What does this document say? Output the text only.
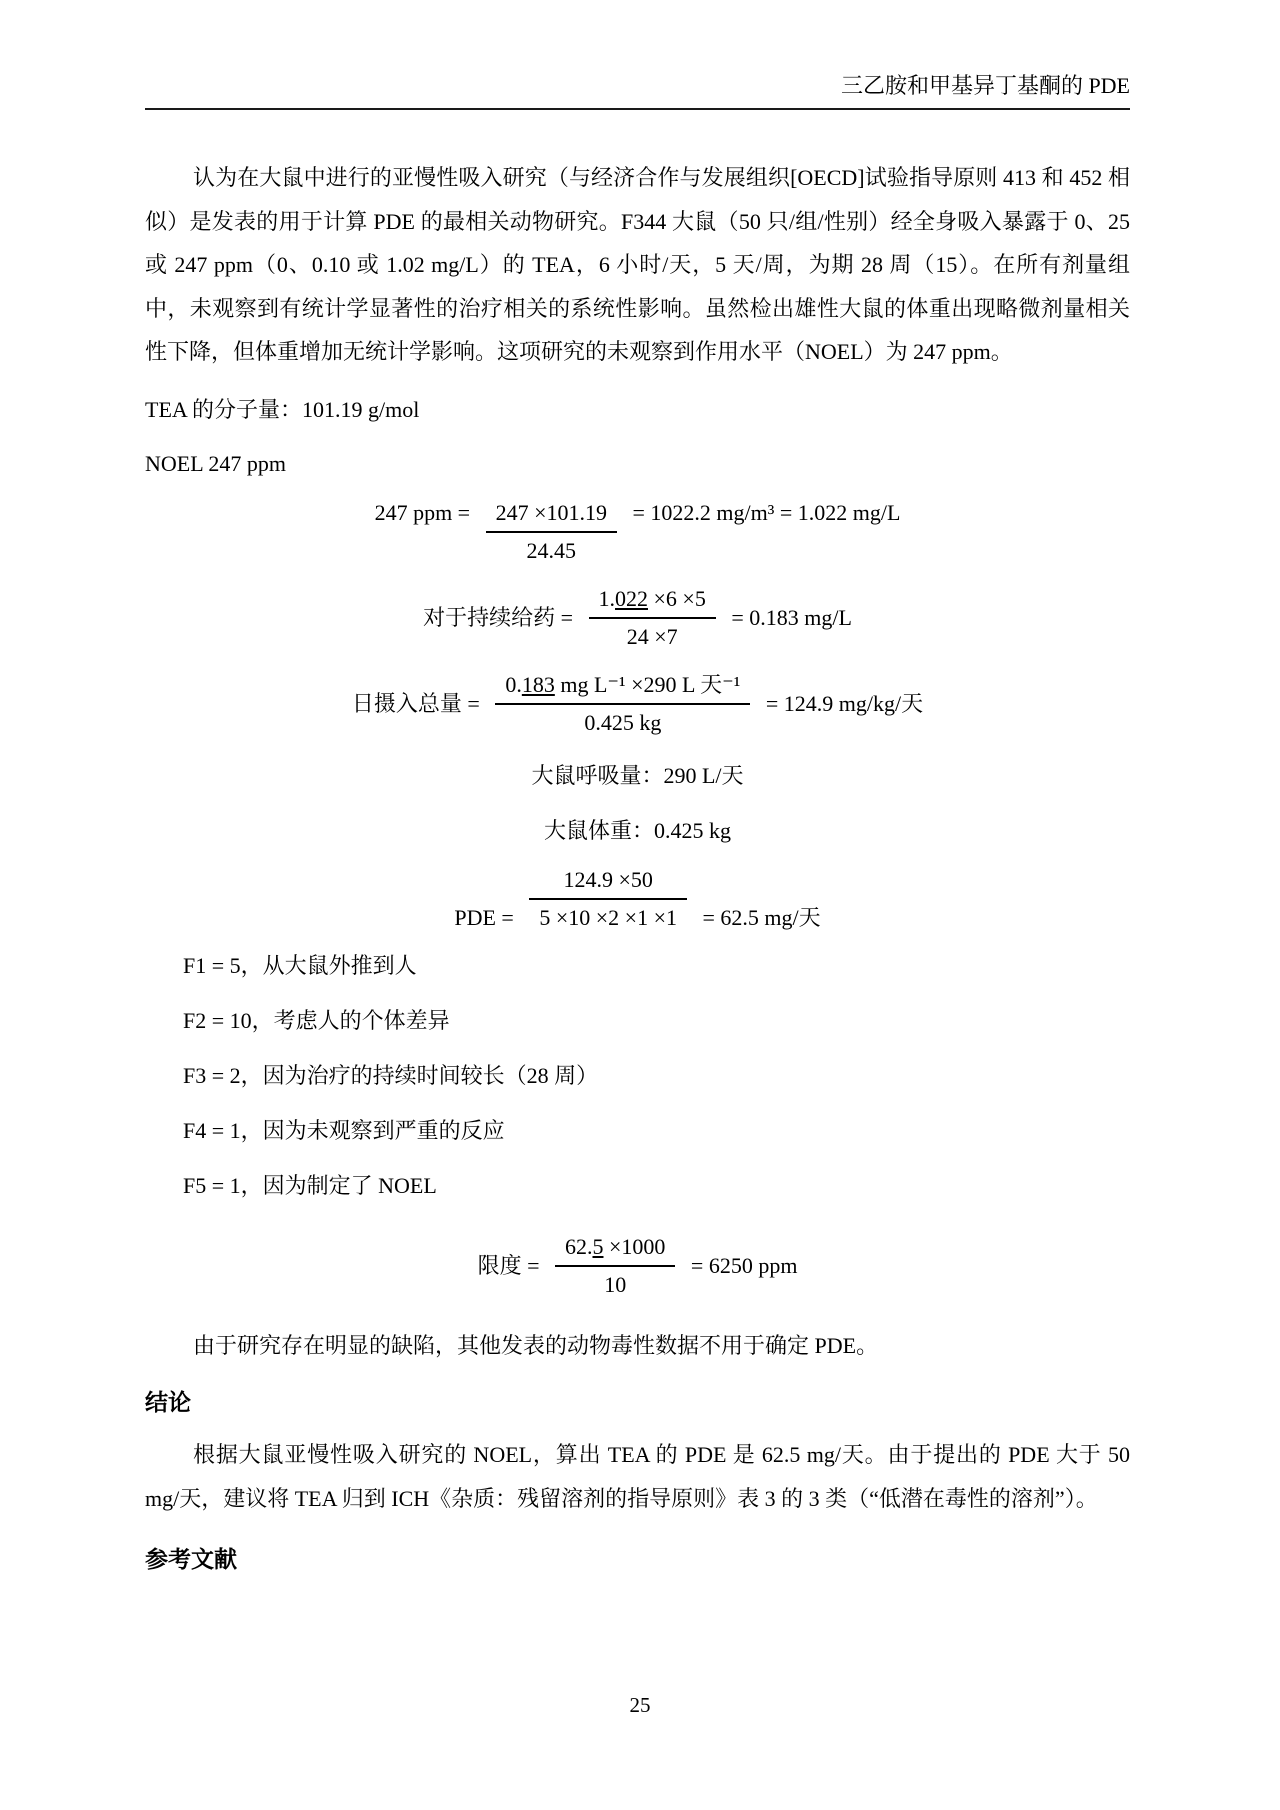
三乙胺和甲基异丁基酮的 PDE
认为在大鼠中进行的亚慢性吸入研究（与经济合作与发展组织[OECD]试验指导原则 413 和 452 相似）是发表的用于计算 PDE 的最相关动物研究。F344 大鼠（50 只/组/性别）经全身吸入暴露于 0、25 或 247 ppm（0、0.10 或 1.02 mg/L）的 TEA，6 小时/天，5 天/周，为期 28 周（15）。在所有剂量组中，未观察到有统计学显著性的治疗相关的系统性影响。虽然检出雄性大鼠的体重出现略微剂量相关性下降，但体重增加无统计学影响。这项研究的未观察到作用水平（NOEL）为 247 ppm。
TEA 的分子量：101.19 g/mol
NOEL 247 ppm
247 ppm = $\frac{247 \times 101.19}{24.45} = 1022.2$ mg/m³ = 1.022 mg/L
对于持续给药 = $\frac{1.022 \times 6 \times 5}{24 \times 7} = 0.183$ mg/L
日摄入总量 = $\frac{\text{0.183 mg L⁻¹ ×290 L 天⁻¹}}{0.425 kg} = 124.9$ mg/kg/天
大鼠呼吸量：290 L/天
大鼠体重：0.425 kg
PDE = $\frac{124.9 \times 50}{5 \times 10 \times 2 \times 1 \times 1} = 62.5$ mg/天
F1 = 5，从大鼠外推到人
F2 = 10，考虑人的个体差异
F3 = 2，因为治疗的持续时间较长（28 周）
F4 = 1，因为未观察到严重的反应
F5 = 1，因为制定了 NOEL
限度 = $\frac{62.5 \times 1000}{10} = 6250$ ppm
由于研究存在明显的缺陷，其他发表的动物毒性数据不用于确定 PDE。
结论
根据大鼠亚慢性吸入研究的 NOEL，算出 TEA 的 PDE 是 62.5 mg/天。由于提出的 PDE 大于 50 mg/天，建议将 TEA 归到 ICH《杂质：残留溶剂的指导原则》表 3 的 3 类（“低潜在毒性的溶剂”）。
参考文献
25
